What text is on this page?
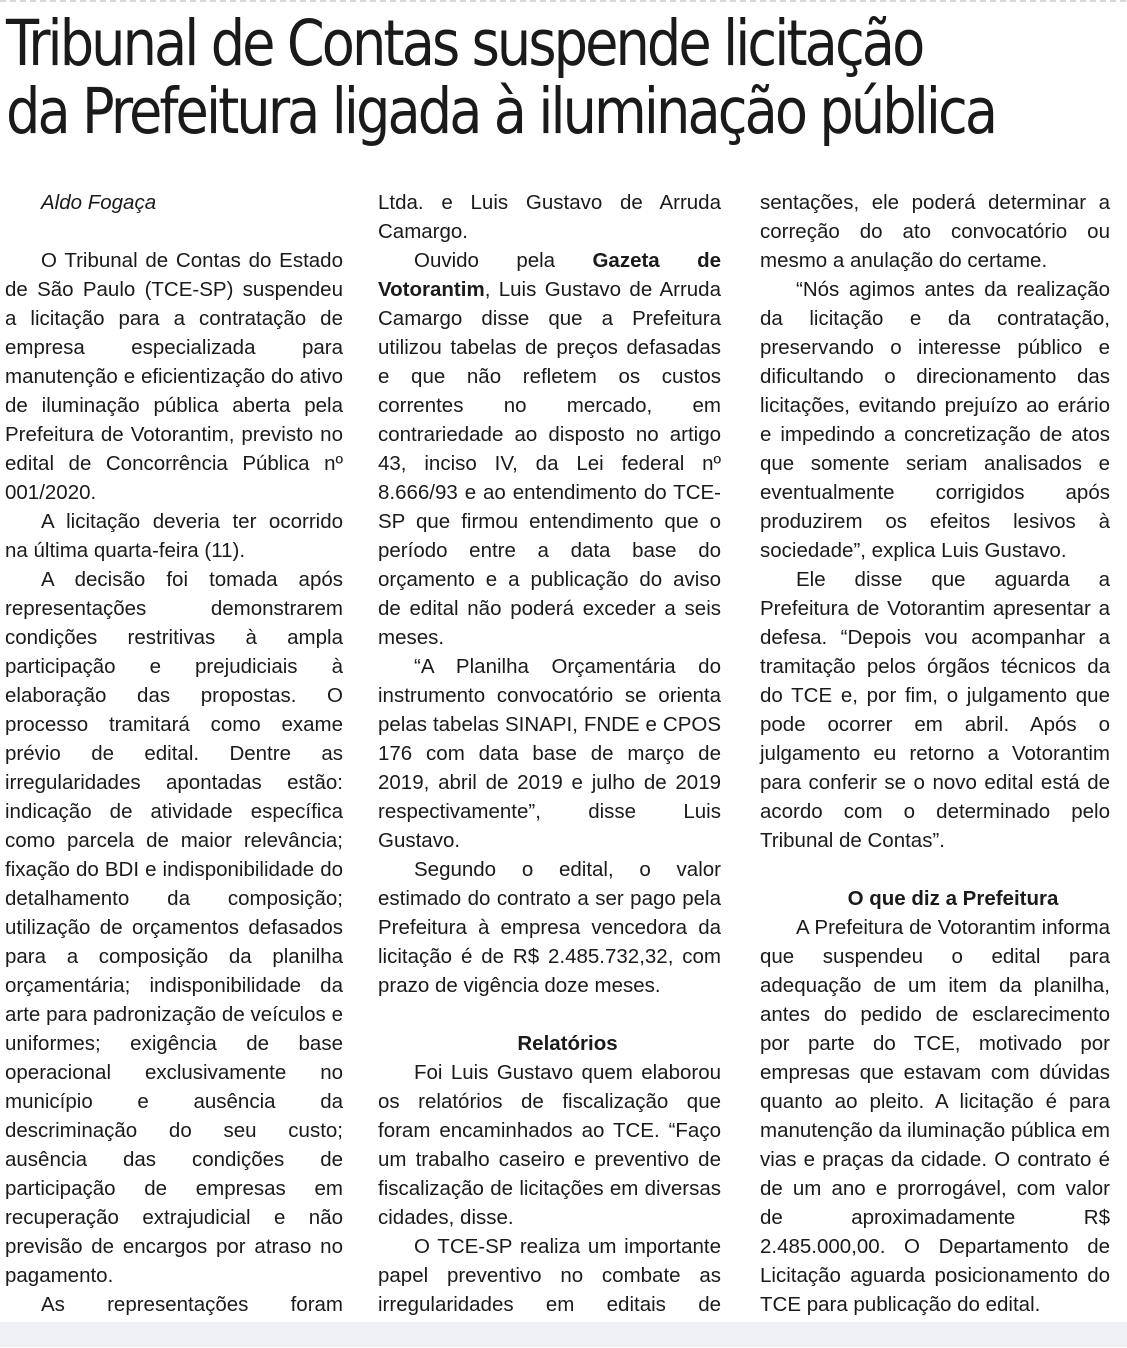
Tribunal de Contas suspende licitação
da Prefeitura ligada à iluminação pública

Aldo Fogaça

O Tribunal de Contas do Estado de São Paulo (TCE-SP) suspendeu a licitação para a contratação de empresa especializada para manutenção e eficientização do ativo de iluminação pública aberta pela Prefeitura de Votorantim, previsto no edital de Concorrência Pública nº 001/2020.

A licitação deveria ter ocorrido na última quarta-feira (11).

A decisão foi tomada após representações demonstrarem condições restritivas à ampla participação e prejudiciais à elaboração das propostas. O processo tramitará como exame prévio de edital. Dentre as irregularidades apontadas estão: indicação de atividade específica como parcela de maior relevância; fixação do BDI e indisponibilidade do detalhamento da composição; utilização de orçamentos defasados para a composição da planilha orçamentária; indisponibilidade da arte para padronização de veículos e uniformes; exigência de base operacional exclusivamente no município e ausência da descriminação do seu custo; ausência das condições de participação de empresas em recuperação extrajudicial e não previsão de encargos por atraso no pagamento.

As representações foram

Ltda. e Luis Gustavo de Arruda Camargo.

Ouvido pela Gazeta de Votorantim, Luis Gustavo de Arruda Camargo disse que a Prefeitura utilizou tabelas de preços defasadas e que não refletem os custos correntes no mercado, em contrariedade ao disposto no artigo 43, inciso IV, da Lei federal nº 8.666/93 e ao entendimento do TCE-SP que firmou entendimento que o período entre a data base do orçamento e a publicação do aviso de edital não poderá exceder a seis meses.

“A Planilha Orçamentária do instrumento convocatório se orienta pelas tabelas SINAPI, FNDE e CPOS 176 com data base de março de 2019, abril de 2019 e julho de 2019 respectivamente”, disse Luis Gustavo.

Segundo o edital, o valor estimado do contrato a ser pago pela Prefeitura à empresa vencedora da licitação é de R$ 2.485.732,32, com prazo de vigência doze meses.

Relatórios

Foi Luis Gustavo quem elaborou os relatórios de fiscalização que foram encaminhados ao TCE. “Faço um trabalho caseiro e preventivo de fiscalização de licitações em diversas cidades, disse.

O TCE-SP realiza um importante papel preventivo no combate as irregularidades em editais de

sentações, ele poderá determinar a correção do ato convocatório ou mesmo a anulação do certame.

“Nós agimos antes da realização da licitação e da contratação, preservando o interesse público e dificultando o direcionamento das licitações, evitando prejuízo ao erário e impedindo a concretização de atos que somente seriam analisados e eventualmente corrigidos após produzirem os efeitos lesivos à sociedade”, explica Luis Gustavo.

Ele disse que aguarda a Prefeitura de Votorantim apresentar a defesa. “Depois vou acompanhar a tramitação pelos órgãos técnicos da do TCE e, por fim, o julgamento que pode ocorrer em abril. Após o julgamento eu retorno a Votorantim para conferir se o novo edital está de acordo com o determinado pelo Tribunal de Contas”.

O que diz a Prefeitura

A Prefeitura de Votorantim informa que suspendeu o edital para adequação de um item da planilha, antes do pedido de esclarecimento por parte do TCE, motivado por empresas que estavam com dúvidas quanto ao pleito. A licitação é para manutenção da iluminação pública em vias e praças da cidade. O contrato é de um ano e prorrogável, com valor de aproximadamente R$ 2.485.000,00. O Departamento de Licitação aguarda posicionamento do TCE para publicação do edital.
